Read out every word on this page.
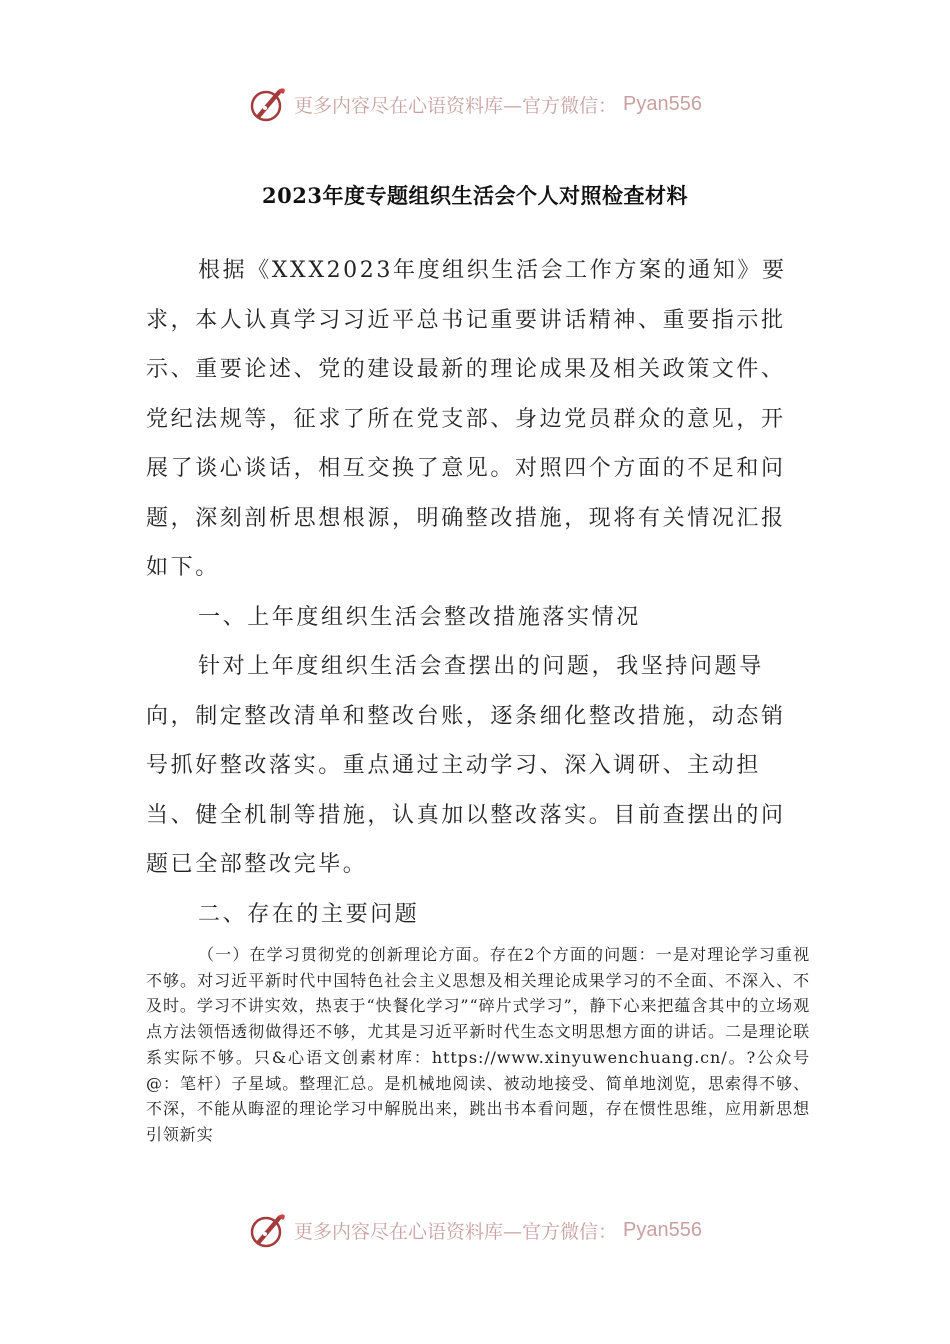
更多内容尽在心语资料库—官方微信： Pyan556
2023年度专题组织生活会个人对照检查材料

根据《XXX2023年度组织生活会工作方案的通知》要求，本人认真学习习近平总书记重要讲话精神、重要指示批示、重要论述、党的建设最新的理论成果及相关政策文件、党纪法规等，征求了所在党支部、身边党员群众的意见，开展了谈心谈话，相互交换了意见。对照四个方面的不足和问题，深刻剖析思想根源，明确整改措施，现将有关情况汇报如下。

一、上年度组织生活会整改措施落实情况

针对上年度组织生活会查摆出的问题，我坚持问题导向，制定整改清单和整改台账，逐条细化整改措施，动态销号抓好整改落实。重点通过主动学习、深入调研、主动担当、健全机制等措施，认真加以整改落实。目前查摆出的问题已全部整改完毕。

二、存在的主要问题

（一）在学习贯彻党的创新理论方面。存在2个方面的问题：一是对理论学习重视不够。对习近平新时代中国特色社会主义思想及相关理论成果学习的不全面、不深入、不及时。学习不讲实效，热衷于“快餐化学习”“碎片式学习”，静下心来把蕴含其中的立场观点方法领悟透彻做得还不够，尤其是习近平新时代生态文明思想方面的讲话。二是理论联系实际不够。只&心语文创素材库：https://www.xinyuwenchuang.cn/。?公众号@：笔杆）子星域。整理汇总。是机械地阅读、被动地接受、简单地浏览，思索得不够、不深，不能从晦涩的理论学习中解脱出来，跳出书本看问题，存在惯性思维，应用新思想引领新实

更多内容尽在心语资料库—官方微信： Pyan556
